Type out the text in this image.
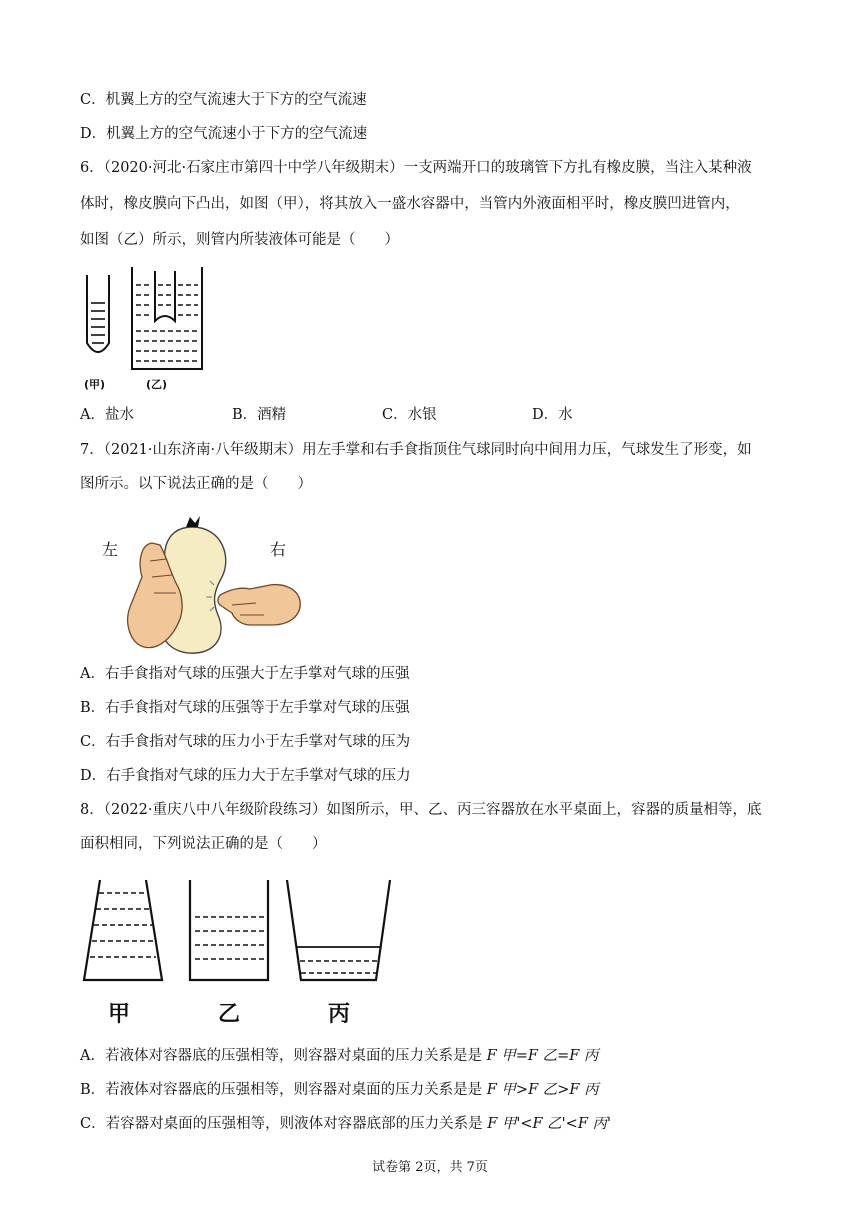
C．机翼上方的空气流速大于下方的空气流速
D．机翼上方的空气流速小于下方的空气流速
6．（2020·河北·石家庄市第四十中学八年级期末）一支两端开口的玻璃管下方扎有橡皮膜，当注入某种液
体时，橡皮膜向下凸出，如图（甲），将其放入一盛水容器中，当管内外液面相平时，橡皮膜凹进管内，
如图（乙）所示，则管内所装液体可能是（　　）
(甲)	(乙)
A．盐水	B．酒精	C．水银	D．水
7．（2021·山东济南·八年级期末）用左手掌和右手食指顶住气球同时向中间用力压，气球发生了形变，如
图所示。以下说法正确的是（　　）
左	右
A．右手食指对气球的压强大于左手掌对气球的压强
B．右手食指对气球的压强等于左手掌对气球的压强
C．右手食指对气球的压力小于左手掌对气球的压为
D．右手食指对气球的压力大于左手掌对气球的压力
8．（2022·重庆八中八年级阶段练习）如图所示，甲、乙、丙三容器放在水平桌面上，容器的质量相等，底
面积相同，下列说法正确的是（　　）
甲	乙	丙
A．若液体对容器底的压强相等，则容器对桌面的压力关系是是 F 甲=F 乙=F 丙
B．若液体对容器底的压强相等，则容器对桌面的压力关系是是 F 甲>F 乙>F 丙
C．若容器对桌面的压强相等，则液体对容器底部的压力关系是 F 甲'<F 乙'<F 丙'
试卷第 2页，共 7页
